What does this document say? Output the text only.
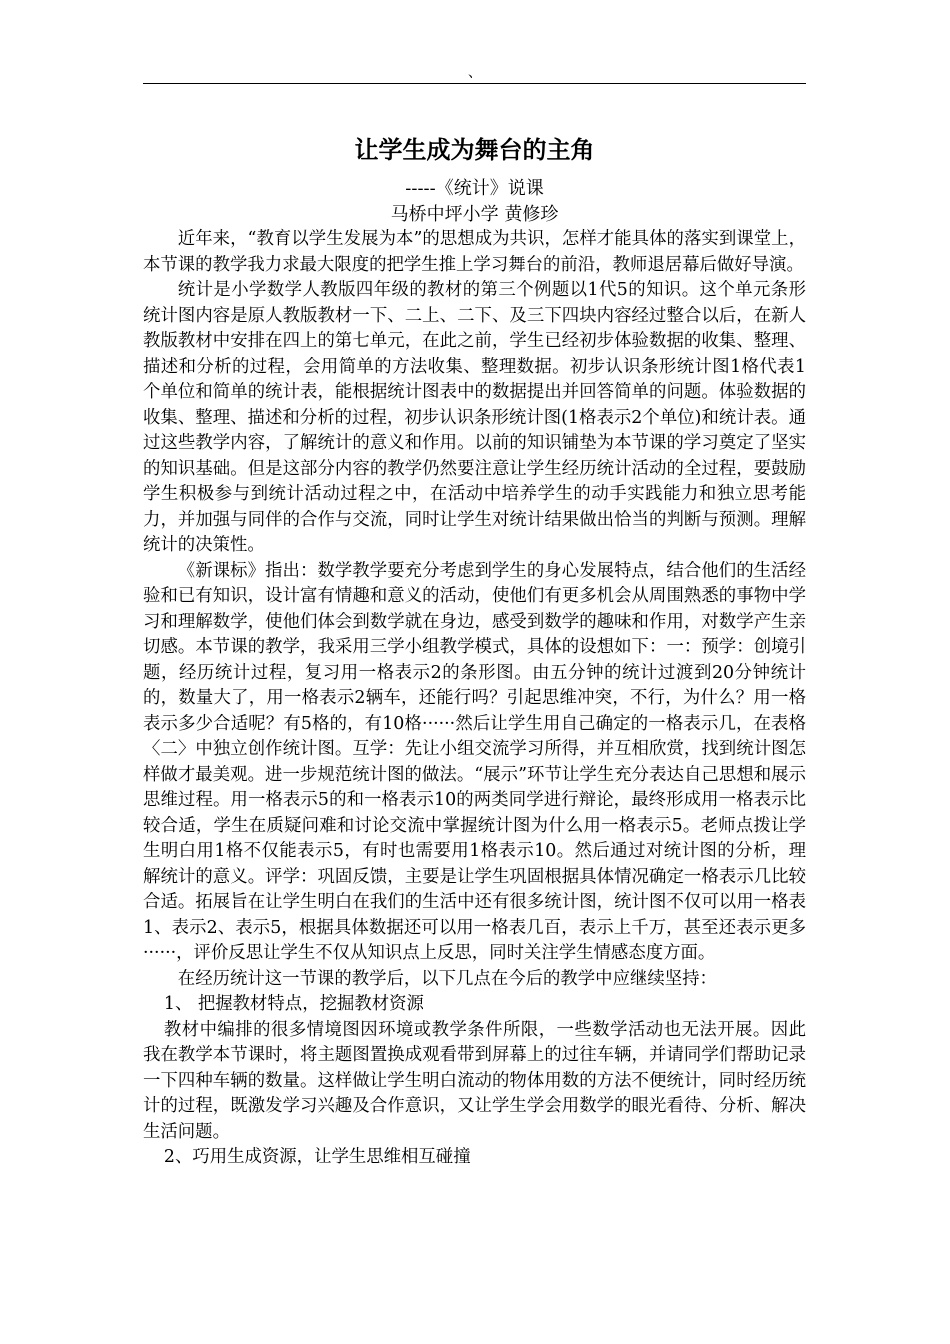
、
让学生成为舞台的主角
-----《统计》说课
马桥中坪小学 黄修珍

近年来，“教育以学生发展为本”的思想成为共识，怎样才能具体的落实到课堂上，本节课的教学我力求最大限度的把学生推上学习舞台的前沿，教师退居幕后做好导演。

统计是小学数学人教版四年级的教材的第三个例题以1代5的知识。这个单元条形统计图内容是原人教版教材一下、二上、二下、及三下四块内容经过整合以后，在新人教版教材中安排在四上的第七单元，在此之前，学生已经初步体验数据的收集、整理、描述和分析的过程，会用简单的方法收集、整理数据。初步认识条形统计图1格代表1个单位和简单的统计表，能根据统计图表中的数据提出并回答简单的问题。体验数据的收集、整理、描述和分析的过程，初步认识条形统计图(1格表示2个单位)和统计表。通过这些教学内容，了解统计的意义和作用。以前的知识铺垫为本节课的学习奠定了坚实的知识基础。但是这部分内容的教学仍然要注意让学生经历统计活动的全过程，要鼓励学生积极参与到统计活动过程之中，在活动中培养学生的动手实践能力和独立思考能力，并加强与同伴的合作与交流，同时让学生对统计结果做出恰当的判断与预测。理解统计的决策性。

《新课标》指出：数学教学要充分考虑到学生的身心发展特点，结合他们的生活经验和已有知识，设计富有情趣和意义的活动，使他们有更多机会从周围熟悉的事物中学习和理解数学，使他们体会到数学就在身边，感受到数学的趣味和作用，对数学产生亲切感。本节课的教学，我采用三学小组教学模式，具体的设想如下：一：预学：创境引题，经历统计过程，复习用一格表示2的条形图。由五分钟的统计过渡到20分钟统计的，数量大了，用一格表示2辆车，还能行吗？引起思维冲突，不行，为什么？用一格表示多少合适呢？有5格的，有10格······然后让学生用自己确定的一格表示几，在表格〈二〉中独立创作统计图。互学：先让小组交流学习所得，并互相欣赏，找到统计图怎样做才最美观。进一步规范统计图的做法。“展示”环节让学生充分表达自己思想和展示思维过程。用一格表示5的和一格表示10的两类同学进行辩论，最终形成用一格表示比较合适，学生在质疑问难和讨论交流中掌握统计图为什么用一格表示5。老师点拨让学生明白用1格不仅能表示5，有时也需要用1格表示10。然后通过对统计图的分析，理解统计的意义。评学：巩固反馈，主要是让学生巩固根据具体情况确定一格表示几比较合适。拓展旨在让学生明白在我们的生活中还有很多统计图，统计图不仅可以用一格表1、表示2、表示5，根据具体数据还可以用一格表几百，表示上千万，甚至还表示更多······，评价反思让学生不仅从知识点上反思，同时关注学生情感态度方面。

在经历统计这一节课的教学后，以下几点在今后的教学中应继续坚持：

1、 把握教材特点，挖掘教材资源

教材中编排的很多情境图因环境或教学条件所限，一些数学活动也无法开展。因此我在教学本节课时，将主题图置换成观看带到屏幕上的过往车辆，并请同学们帮助记录一下四种车辆的数量。这样做让学生明白流动的物体用数的方法不便统计，同时经历统计的过程，既激发学习兴趣及合作意识，又让学生学会用数学的眼光看待、分析、解决生活问题。

2、巧用生成资源，让学生思维相互碰撞
